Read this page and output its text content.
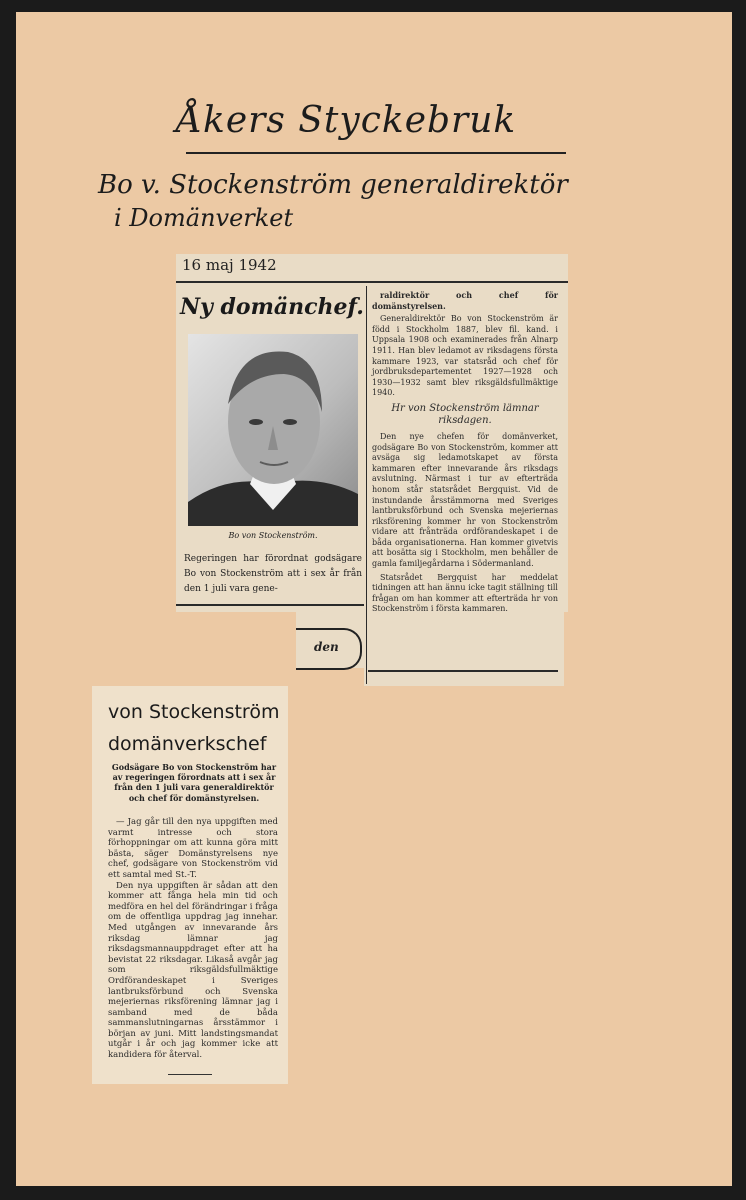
Åkers Styckebruk
Bo v. Stockenström generaldirektör
i Domänverket
16 maj 1942
Ny domänchef.
Bo von Stockenström.
Regeringen har förordnat godsägare Bo von Stockenström att i sex år från den 1 juli vara gene-

raldirektör och chef för domänstyrelsen.

Generaldirektör Bo von Stockenström är född i Stockholm 1887, blev fil. kand. i Uppsala 1908 och examinerades från Alnarp 1911. Han blev ledamot av riksdagens första kammare 1923, var statsråd och chef för jordbruksdepartementet 1927—1928 och 1930—1932 samt blev riksgäldsfullmäktige 1940.

Hr von Stockenström lämnar riksdagen.

Den nye chefen för domänverket, godsägare Bo von Stockenström, kommer att avsäga sig ledamotskapet av första kammaren efter innevarande års riksdags avslutning. Närmast i tur av efterträda honom står statsrådet Bergquist. Vid de instundande årsstämmorna med Sveriges lantbruksförbund och Svenska mejeriernas riksförening kommer hr von Stockenström vidare att frånträda ordförandeskapet i de båda organisationerna. Han kommer givetvis att bosätta sig i Stockholm, men behåller de gamla familjegårdarna i Södermanland.

Statsrådet Bergquist har meddelat tidningen att han ännu icke tagit ställning till frågan om han kommer att efterträda hr von Stockenström i första kammaren.

den
von Stockenström
domänverkschef
Godsägare Bo von Stockenström har av regeringen förordnats att i sex år från den 1 juli vara generaldirektör och chef för domänstyrelsen.

— Jag går till den nya uppgiften med varmt intresse och stora förhoppningar om att kunna göra mitt bästa, säger Domänstyrelsens nye chef, godsägare von Stockenström vid ett samtal med St.-T.

Den nya uppgiften är sådan att den kommer att fånga hela min tid och medföra en hel del förändringar i fråga om de offentliga uppdrag jag innehar. Med utgången av innevarande års riksdag lämnar jag riksdagsmannauppdraget efter att ha bevistat 22 riksdagar. Likaså avgår jag som riksgäldsfullmäktige Ordförandeskapet i Sveriges lantbruksförbund och Svenska mejeriernas riksförening lämnar jag i samband med de båda sammanslutningarnas årsstämmor i början av juni. Mitt landstingsmandat utgår i år och jag kommer icke att kandidera för återval.
